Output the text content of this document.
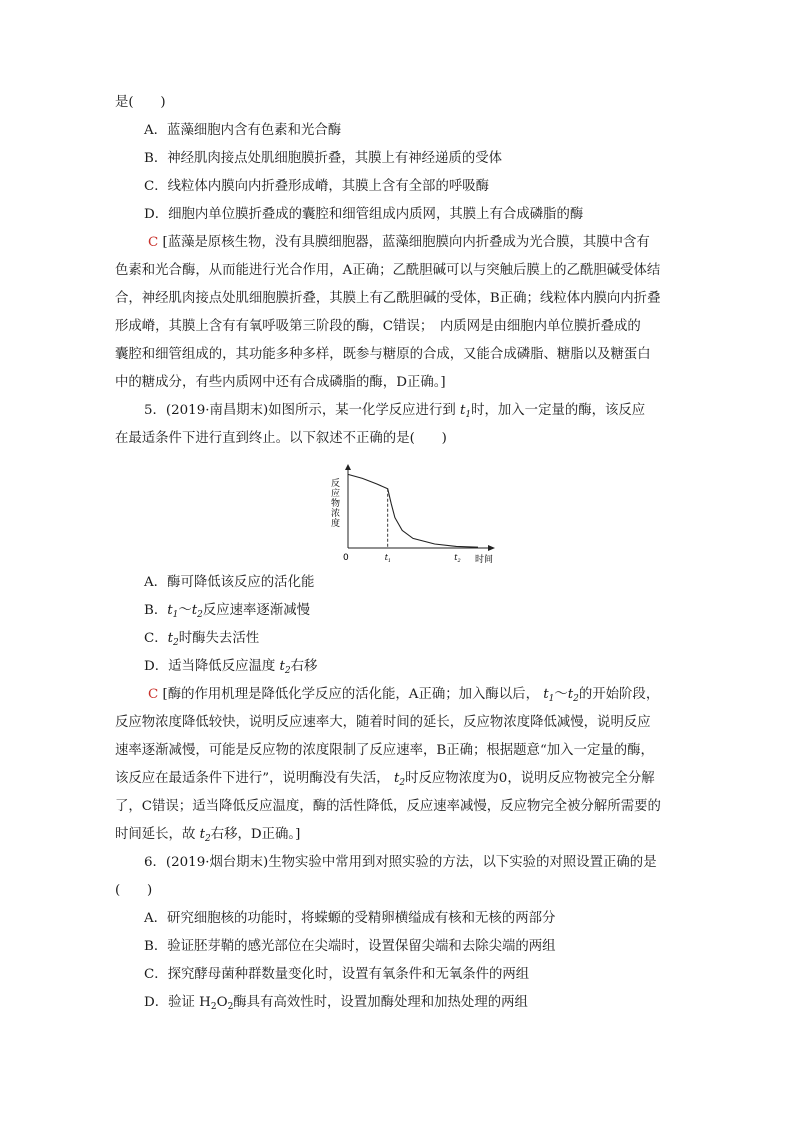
是(　　)
A．蓝藻细胞内含有色素和光合酶
B．神经肌肉接点处肌细胞膜折叠，其膜上有神经递质的受体
C．线粒体内膜向内折叠形成嵴，其膜上含有全部的呼吸酶
D．细胞内单位膜折叠成的囊腔和细管组成内质网，其膜上有合成磷脂的酶
C [蓝藻是原核生物，没有具膜细胞器，蓝藻细胞膜向内折叠成为光合膜，其膜中含有
色素和光合酶，从而能进行光合作用，A正确；乙酰胆碱可以与突触后膜上的乙酰胆碱受体结
合，神经肌肉接点处肌细胞膜折叠，其膜上有乙酰胆碱的受体，B正确；线粒体内膜向内折叠
形成嵴，其膜上含有有氧呼吸第三阶段的酶，C错误；　内质网是由细胞内单位膜折叠成的
囊腔和细管组成的，其功能多种多样，既参与糖原的合成，又能合成磷脂、糖脂以及糖蛋白
中的糖成分，有些内质网中还有合成磷脂的酶，D正确。]
5．(2019·南昌期末)如图所示，某一化学反应进行到 $t_1$时，加入一定量的酶，该反应
在最适条件下进行直到终止。以下叙述不正确的是(　　)
反应物浓度
0	$t_1$	$t_2$ 时间
A．酶可降低该反应的活化能
B．$t_1\sim t_2$反应速率逐渐减慢
C．$t_2$时酶失去活性
D．适当降低反应温度 $t_2$右移
C [酶的作用机理是降低化学反应的活化能，A正确；加入酶以后， $t_1\sim t_2$的开始阶段，
反应物浓度降低较快，说明反应速率大，随着时间的延长，反应物浓度降低减慢，说明反应
速率逐渐减慢，可能是反应物的浓度限制了反应速率，B正确；根据题意“加入一定量的酶，
该反应在最适条件下进行”，说明酶没有失活， $t_2$时反应物浓度为0，说明反应物被完全分解
了，C错误；适当降低反应温度，酶的活性降低，反应速率减慢，反应物完全被分解所需要的
时间延长，故 $t_2$右移，D正确。]
6．(2019·烟台期末)生物实验中常用到对照实验的方法，以下实验的对照设置正确的是
(　　)
A．研究细胞核的功能时，将蝾螈的受精卵横缢成有核和无核的两部分
B．验证胚芽鞘的感光部位在尖端时，设置保留尖端和去除尖端的两组
C．探究酵母菌种群数量变化时，设置有氧条件和无氧条件的两组
D．验证 $H_2O_2$酶具有高效性时，设置加酶处理和加热处理的两组
